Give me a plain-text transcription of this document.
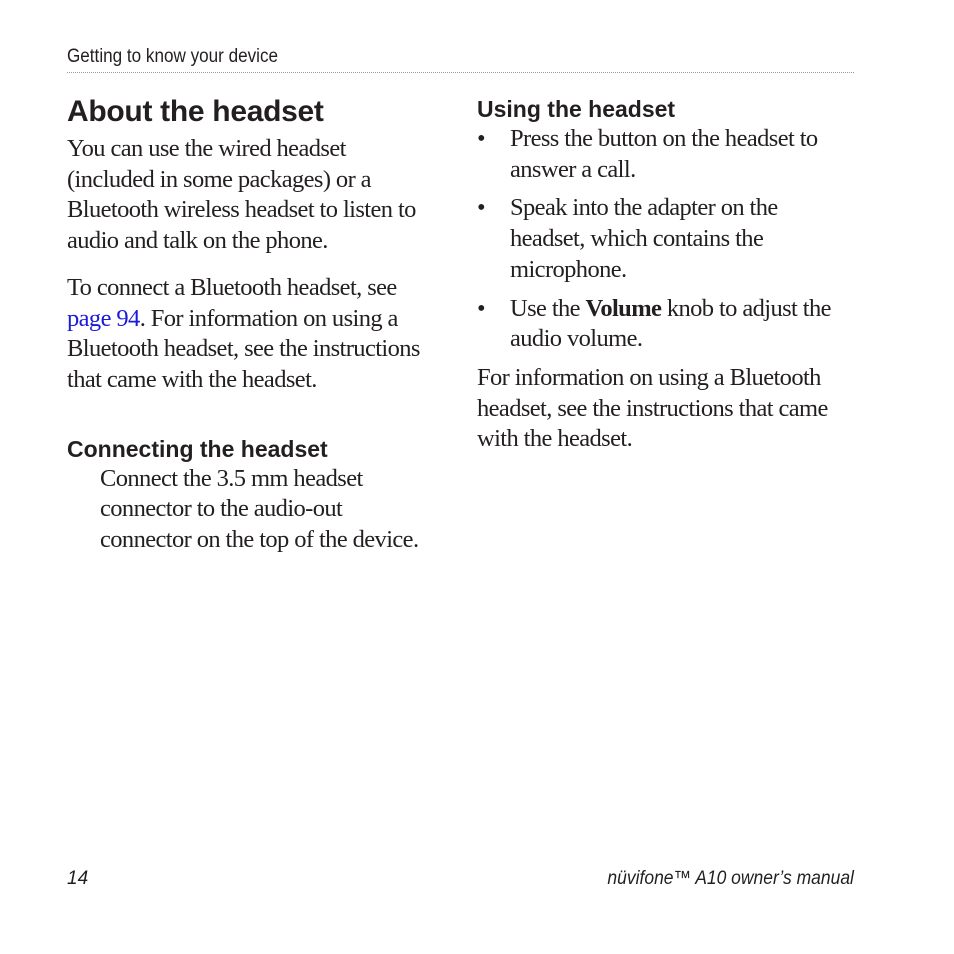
Getting to know your device
About the headset

You can use the wired headset (included in some packages) or a Bluetooth wireless headset to listen to audio and talk on the phone.

To connect a Bluetooth headset, see page 94. For information on using a Bluetooth headset, see the instructions that came with the headset.

Connecting the headset

Connect the 3.5 mm headset connector to the audio-out connector on the top of the device.

Using the headset
• Press the button on the headset to answer a call.
• Speak into the adapter on the headset, which contains the microphone.
• Use the Volume knob to adjust the audio volume.

For information on using a Bluetooth headset, see the instructions that came with the headset.

14	nüvifone™ A10 owner’s manual
